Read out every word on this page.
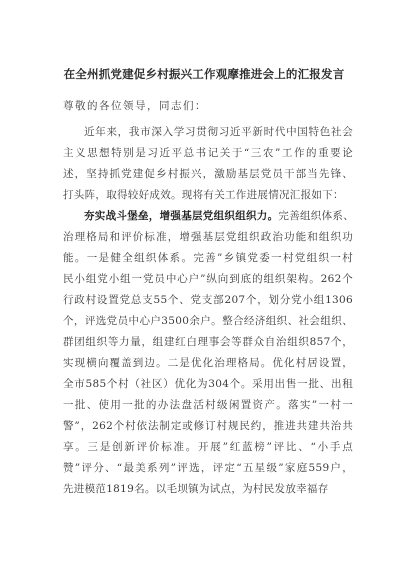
在全州抓党建促乡村振兴工作观摩推进会上的汇报发言
尊敬的各位领导，同志们：
近年来，我市深入学习贯彻习近平新时代中国特色社会
主义思想特别是习近平总书记关于“三农”工作的重要论
述，坚持抓党建促乡村振兴，激励基层党员干部当先锋、
打头阵，取得较好成效。现将有关工作进展情况汇报如下：
夯实战斗堡垒，增强基层党组织组织力。完善组织体系、
治理格局和评价标准，增强基层党组织政治功能和组织功
能。一是健全组织体系。完善”乡镇党委一村党组织一村
民小组党小组一党员中心户”纵向到底的组织架构。262个
行政村设置党总支55个、党支部207个，划分党小组1306
个，评选党员中心户3500余户。整合经济组织、社会组织、
群团组织等力量，组建红白理事会等群众自治组织857个，
实现横向覆盖到边。二是优化治理格局。优化村居设置，
全市585个村（社区）优化为304个。采用出售一批、出租
一批、使用一批的办法盘活村级闲置资产。落实”一村一
警”，262个村依法制定或修订村规民约，推进共建共治共
享。三是创新评价标准。开展”红蓝榜”评比、“小手点
赞”评分、“最美系列”评选，评定“五星级”家庭559户，
先进模范1819名。以毛坝镇为试点，为村民发放幸福存
